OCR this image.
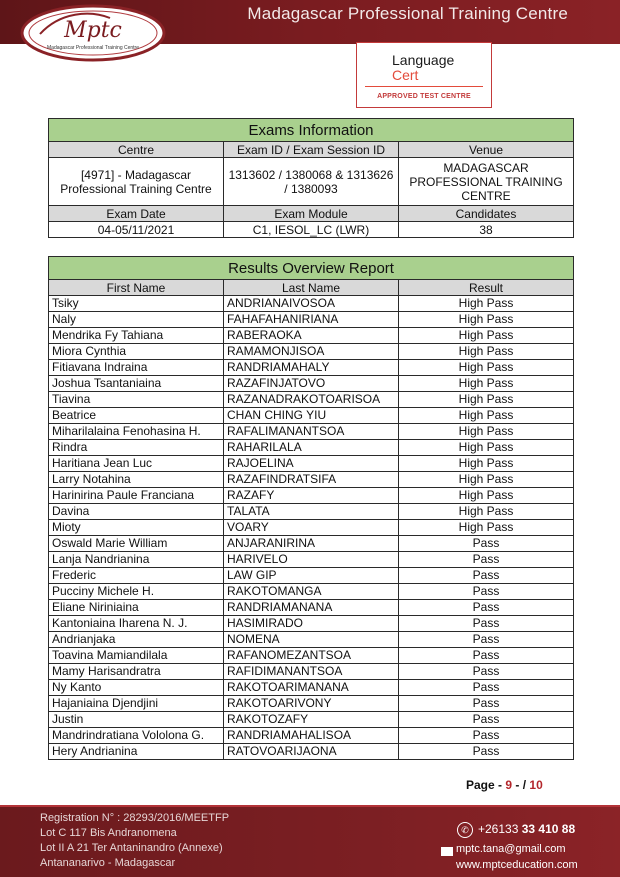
Madagascar Professional Training Centre
Mptc
Madagascar Professional Training Centre
Language
Cert
APPROVED TEST CENTRE
Exams Information		
Centre	Exam ID / Exam Session ID	Venue
[4971] - Madagascar Professional Training Centre	1313602 / 1380068 & 1313626 / 1380093	MADAGASCAR PROFESSIONAL TRAINING CENTRE
Exam Date	Exam Module	Candidates
04-05/11/2021	C1, IESOL_LC (LWR)	38
Results Overview Report		
First Name	Last Name	Result
Tsiky	ANDRIANAIVOSOA	High Pass
Naly	FAHAFAHANIRIANA	High Pass
Mendrika Fy Tahiana	RABERAOKA	High Pass
Miora Cynthia	RAMAMONJISOA	High Pass
Fitiavana Indraina	RANDRIAMAHALY	High Pass
Joshua Tsantaniaina	RAZAFINJATOVO	High Pass
Tiavina	RAZANADRAKOTOARISOA	High Pass
Beatrice	CHAN CHING YIU	High Pass
Miharilalaina Fenohasina H.	RAFALIMANANTSOA	High Pass
Rindra	RAHARILALA	High Pass
Haritiana Jean Luc	RAJOELINA	High Pass
Larry Notahina	RAZAFINDRATSIFA	High Pass
Harinirina Paule Franciana	RAZAFY	High Pass
Davina	TALATA	High Pass
Mioty	VOARY	High Pass
Oswald Marie William	ANJARANIRINA	Pass
Lanja Nandrianina	HARIVELO	Pass
Frederic	LAW GIP	Pass
Pucciny Michele H.	RAKOTOMANGA	Pass
Eliane Niriniaina	RANDRIAMANANA	Pass
Kantoniaina Iharena N. J.	HASIMIRADO	Pass
Andrianjaka	NOMENA	Pass
Toavina Mamiandilala	RAFANOMEZANTSOA	Pass
Mamy Harisandratra	RAFIDIMANANTSOA	Pass
Ny Kanto	RAKOTOARIMANANA	Pass
Hajaniaina Djendjini	RAKOTOARIVONY	Pass
Justin	RAKOTOZAFY	Pass
Mandrindratiana Vololona G.	RANDRIAMAHALISOA	Pass
Hery Andrianina	RATOVOARIJAONA	Pass
Page - 9 - / 10
Registration N° : 28293/2016/MEETFP
Lot C 117 Bis Andranomena
Lot II A 21 Ter Antaninandro (Annexe)
Antananarivo - Madagascar
✆ +26133 33 410 88
mptc.tana@gmail.com
www.mptceducation.com
